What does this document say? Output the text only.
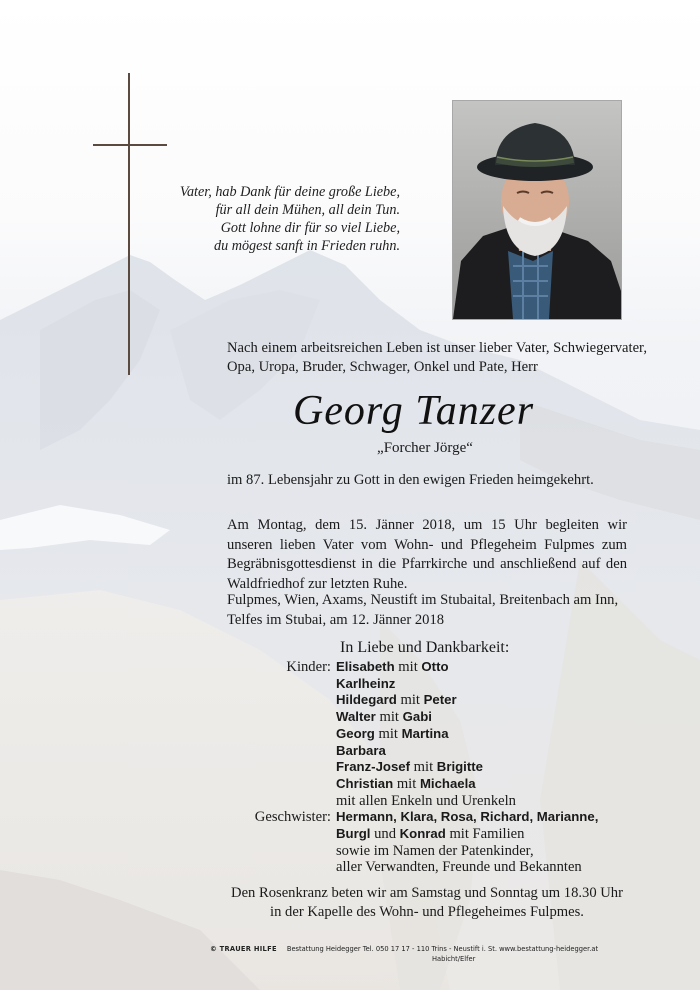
Vater, hab Dank für deine große Liebe,
für all dein Mühen, all dein Tun.
Gott lohne dir für so viel Liebe,
du mögest sanft in Frieden ruhn.
Nach einem arbeitsreichen Leben ist unser lieber Vater, Schwiegervater,
Opa, Uropa, Bruder, Schwager, Onkel und Pate, Herr
Georg Tanzer
„Forcher Jörge“
im 87. Lebensjahr zu Gott in den ewigen Frieden heimgekehrt.
Am Montag, dem 15. Jänner 2018, um 15 Uhr begleiten wir
unseren lieben Vater vom Wohn- und Pflegeheim Fulpmes zum
Begräbnisgottesdienst in die Pfarrkirche und anschließend auf den
Waldfriedhof zur letzten Ruhe.
Fulpmes, Wien, Axams, Neustift im Stubaital, Breitenbach am Inn,
Telfes im Stubai, am 12. Jänner 2018
In Liebe und Dankbarkeit:
Kinder: Elisabeth mit Otto
Karlheinz
Hildegard mit Peter
Walter mit Gabi
Georg mit Martina
Barbara
Franz-Josef mit Brigitte
Christian mit Michaela
mit allen Enkeln und Urenkeln
Geschwister: Hermann, Klara, Rosa, Richard, Marianne,
Burgl und Konrad mit Familien
sowie im Namen der Patenkinder,
aller Verwandten, Freunde und Bekannten
Den Rosenkranz beten wir am Samstag und Sonntag um 18.30 Uhr
in der Kapelle des Wohn- und Pflegeheimes Fulpmes.
© TRAUER HILFE Bestattung Heidegger Tel. 050 17 17 - 110 Trins - Neustift i. St. www.bestattung-heidegger.at
Habicht/Elfer
